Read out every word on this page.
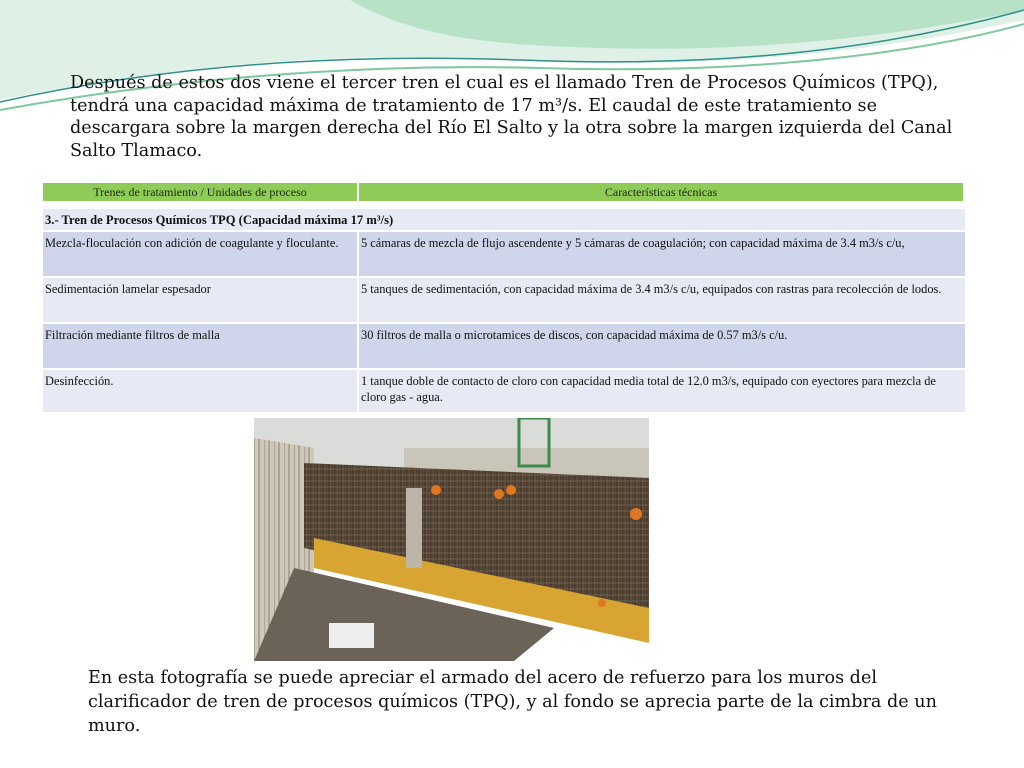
Después de estos dos viene el tercer tren el cual es el llamado Tren de Procesos Químicos (TPQ), tendrá una capacidad máxima de tratamiento de 17 m³/s. El caudal de este tratamiento se descargara sobre la margen derecha del Río El Salto y la otra sobre la margen izquierda del Canal Salto Tlamaco.

Trenes de tratamiento / Unidades de proceso	Características técnicas

3.- Tren de Procesos Químicos TPQ (Capacidad máxima 17 m³/s)	
Mezcla-floculación con adición de coagulante y floculante.	5 cámaras de mezcla de flujo ascendente y 5 cámaras de coagulación; con capacidad máxima de 3.4 m3/s c/u,
Sedimentación lamelar espesador	5 tanques de sedimentación, con capacidad máxima de 3.4 m3/s c/u, equipados con rastras para recolección de lodos.
Filtración mediante filtros de malla	30 filtros de malla o microtamices de discos, con capacidad máxima de 0.57 m3/s c/u.
Desinfección.	1 tanque doble de contacto de cloro con capacidad media total de 12.0 m3/s, equipado con eyectores para mezcla de cloro gas - agua.

En esta fotografía se puede apreciar el armado del acero de refuerzo para los muros del clarificador de tren de procesos químicos (TPQ), y al fondo se aprecia parte de la cimbra de un muro.
